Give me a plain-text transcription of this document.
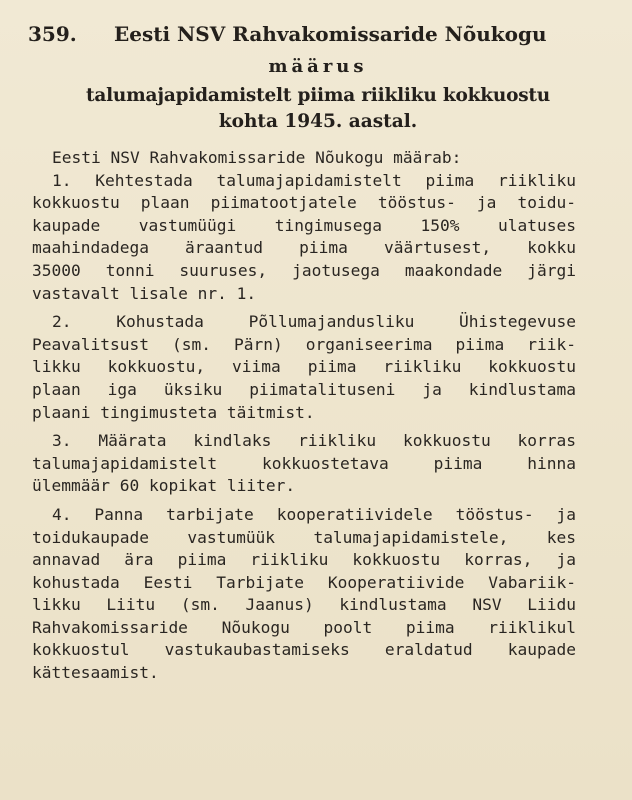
359. Eesti NSV Rahvakomissaride Nõukogu
määrus
talumajapidamistelt piima riikliku kokkuostu
kohta 1945. aastal.
Eesti NSV Rahvakomissaride Nõukogu määrab:
1. Kehtestada talumajapidamistelt piima riikliku
kokkuostu plaan piimatootjatele tööstus- ja toidu-
kaupade vastumüügi tingimusega 150% ulatuses
maahindadega äraantud piima väärtusest, kokku
35000 tonni suuruses, jaotusega maakondade järgi
vastavalt lisale nr. 1.
2. Kohustada Põllumajandusliku Ühistegevuse
Peavalitsust (sm. Pärn) organiseerima piima riik-
likku kokkuostu, viima piima riikliku kokkuostu
plaan iga üksiku piimatalituseni ja kindlustama
plaani tingimusteta täitmist.
3. Määrata kindlaks riikliku kokkuostu korras
talumajapidamistelt kokkuostetava piima hinna
ülemmäär 60 kopikat liiter.
4. Panna tarbijate kooperatiividele tööstus- ja
toidukaupade vastumüük talumajapidamistele, kes
annavad ära piima riikliku kokkuostu korras, ja
kohustada Eesti Tarbijate Kooperatiivide Vabariik-
likku Liitu (sm. Jaanus) kindlustama NSV Liidu
Rahvakomissaride Nõukogu poolt piima riiklikul
kokkuostul vastukaubastamiseks eraldatud kaupade
kättesaamist.
